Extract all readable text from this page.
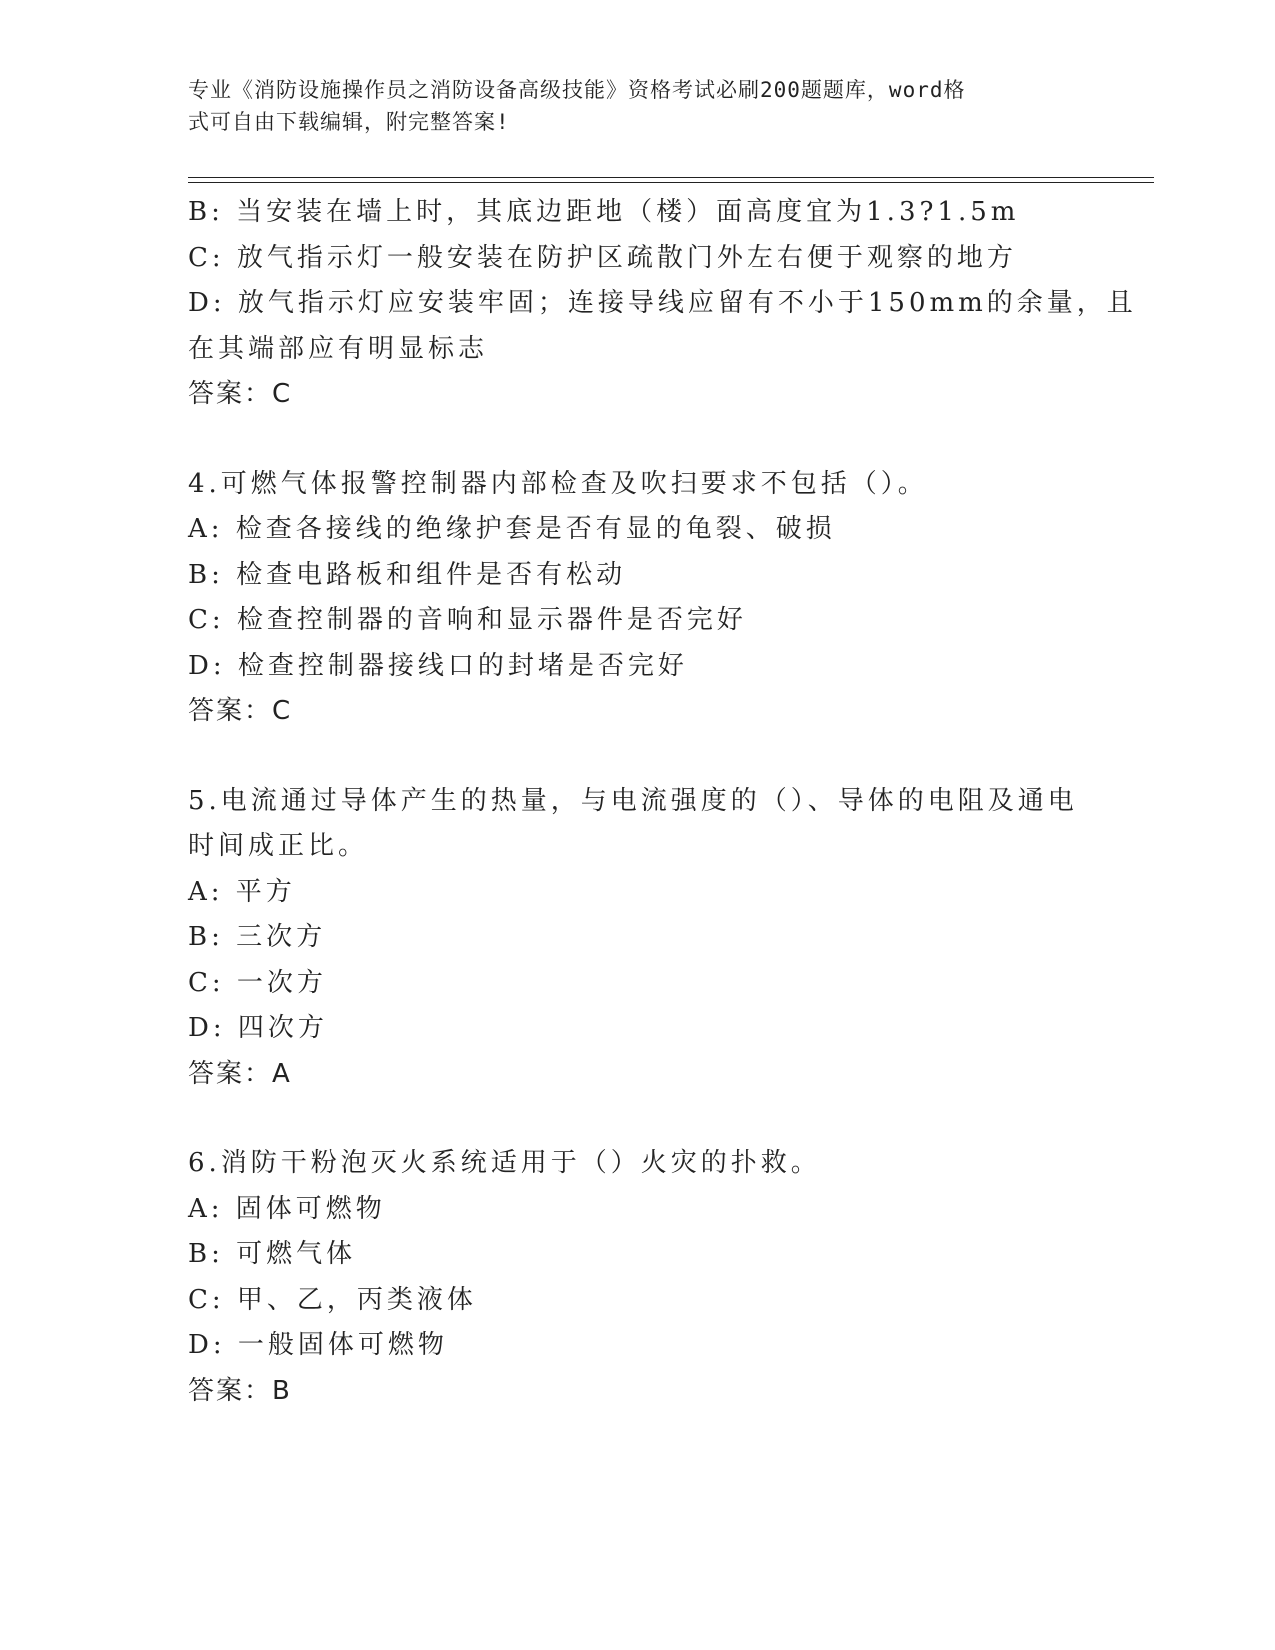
专业《消防设施操作员之消防设备高级技能》资格考试必刷200题题库，word格
式可自由下载编辑，附完整答案!
B: 当安装在墙上时，其底边距地（楼）面高度宜为1.3?1.5m
C: 放气指示灯一般安装在防护区疏散门外左右便于观察的地方
D: 放气指示灯应安装牢固；连接导线应留有不小于150mm的余量，且
在其端部应有明显标志
答案：C
4.可燃气体报警控制器内部检查及吹扫要求不包括（）。
A: 检查各接线的绝缘护套是否有显的龟裂、破损
B: 检查电路板和组件是否有松动
C: 检查控制器的音响和显示器件是否完好
D: 检查控制器接线口的封堵是否完好
答案：C
5.电流通过导体产生的热量，与电流强度的（）、导体的电阻及通电
时间成正比。
A: 平方
B: 三次方
C: 一次方
D: 四次方
答案：A
6.消防干粉泡灭火系统适用于（）火灾的扑救。
A: 固体可燃物
B: 可燃气体
C: 甲、乙，丙类液体
D: 一般固体可燃物
答案：B
